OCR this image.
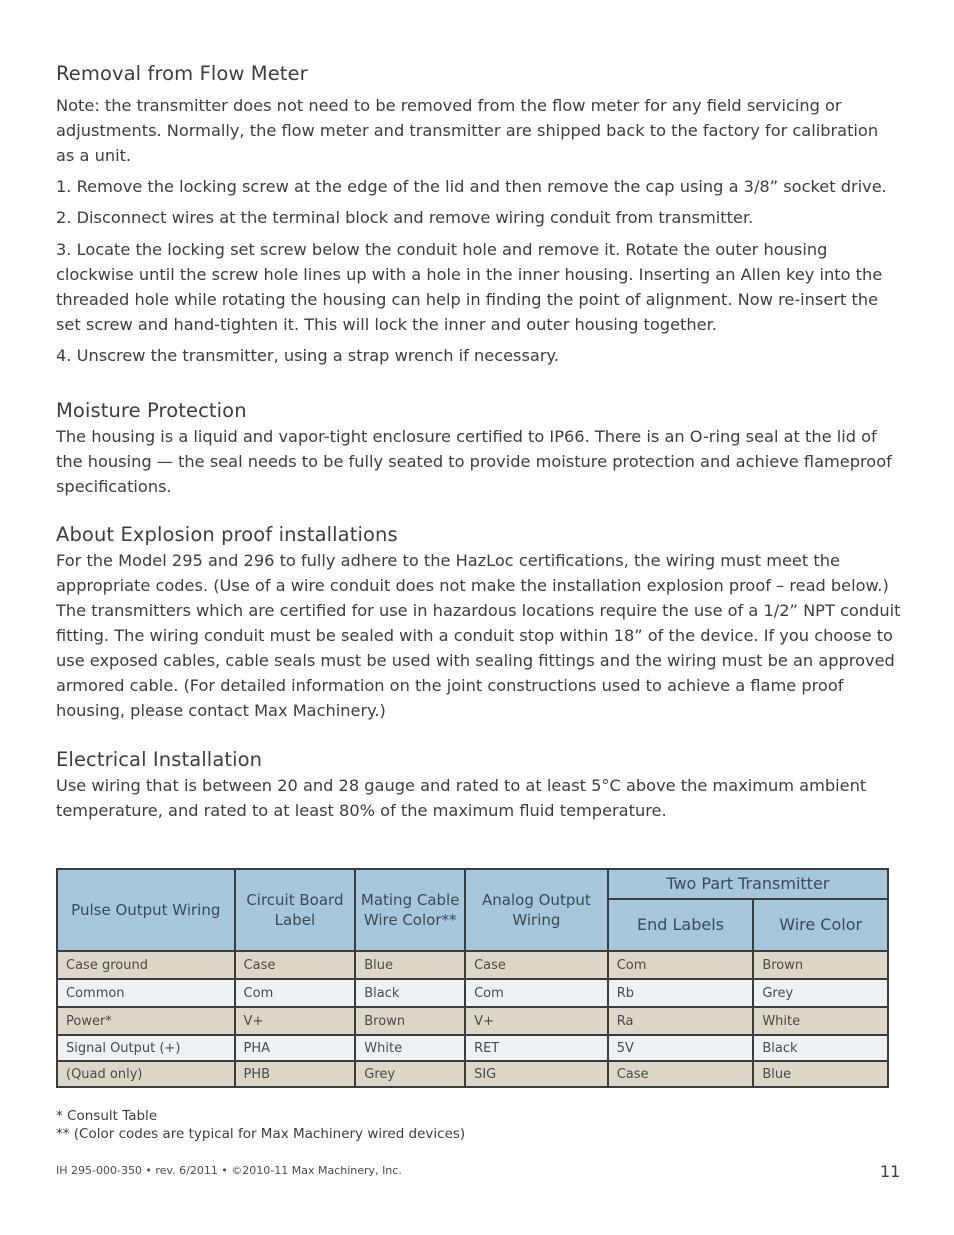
Removal from Flow Meter

Note: the transmitter does not need to be removed from the flow meter for any field servicing or adjustments. Normally, the flow meter and transmitter are shipped back to the factory for calibration as a unit.

1. Remove the locking screw at the edge of the lid and then remove the cap using a 3/8” socket drive.

2. Disconnect wires at the terminal block and remove wiring conduit from transmitter.

3. Locate the locking set screw below the conduit hole and remove it. Rotate the outer housing clockwise until the screw hole lines up with a hole in the inner housing. Inserting an Allen key into the threaded hole while rotating the housing can help in finding the point of alignment. Now re-insert the set screw and hand-tighten it. This will lock the inner and outer housing together.

4. Unscrew the transmitter, using a strap wrench if necessary.

Moisture Protection

The housing is a liquid and vapor-tight enclosure certified to IP66. There is an O-ring seal at the lid of the housing — the seal needs to be fully seated to provide moisture protection and achieve flameproof specifications.

About Explosion proof installations

For the Model 295 and 296 to fully adhere to the HazLoc certifications, the wiring must meet the appropriate codes. (Use of a wire conduit does not make the installation explosion proof – read below.) The transmitters which are certified for use in hazardous locations require the use of a 1/2” NPT conduit fitting. The wiring conduit must be sealed with a conduit stop within 18” of the device. If you choose to use exposed cables, cable seals must be used with sealing fittings and the wiring must be an approved armored cable. (For detailed information on the joint constructions used to achieve a flame proof housing, please contact Max Machinery.)

Electrical Installation

Use wiring that is between 20 and 28 gauge and rated to at least 5°C above the maximum ambient temperature, and rated to at least 80% of the maximum fluid temperature.

Pulse Output Wiring	Circuit Board Label	Mating Cable Wire Color**	Analog Output Wiring	Two Part Transmitter	
				End Labels	Wire Color
Case ground	Case	Blue	Case	Com	Brown
Common	Com	Black	Com	Rb	Grey
Power*	V+	Brown	V+	Ra	White
Signal Output (+)	PHA	White	RET	5V	Black
(Quad only)	PHB	Grey	SIG	Case	Blue
* Consult Table
** (Color codes are typical for Max Machinery wired devices)
IH 295-000-350 • rev. 6/2011 • ©2010-11 Max Machinery, Inc.	11
